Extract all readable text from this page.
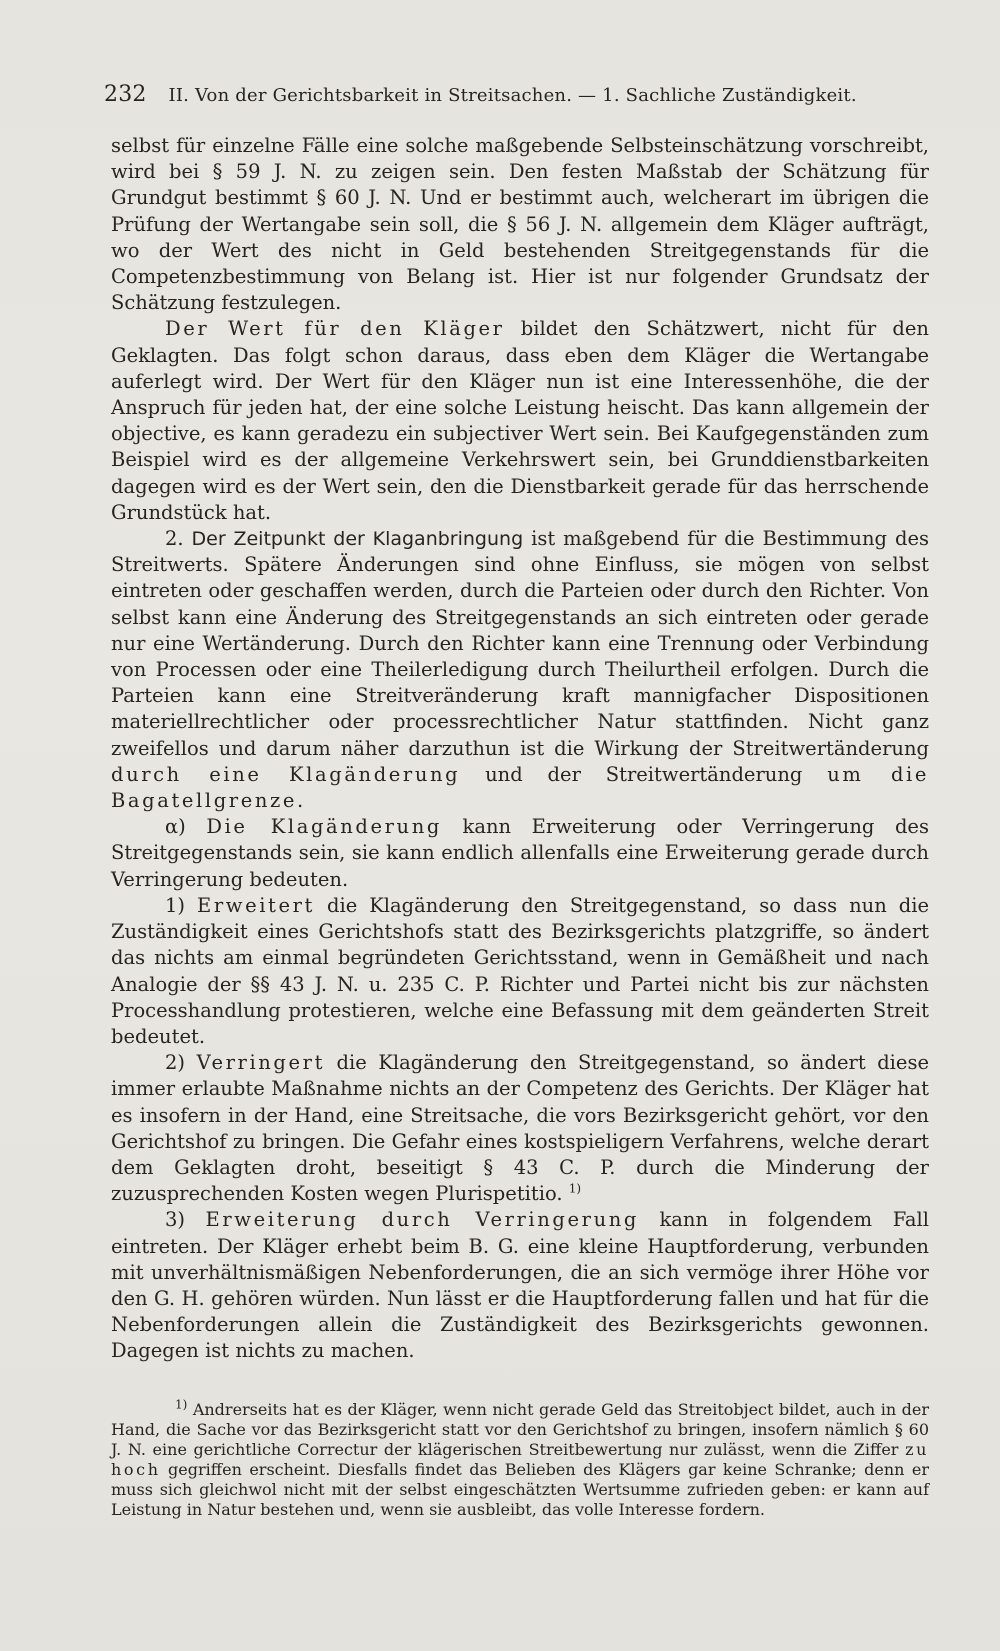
232 II. Von der Gerichtsbarkeit in Streitsachen. — 1. Sachliche Zuständigkeit.

selbst für einzelne Fälle eine solche maßgebende Selbsteinschätzung vorschreibt, wird bei § 59 J. N. zu zeigen sein. Den festen Maßstab der Schätzung für Grundgut bestimmt § 60 J. N. Und er bestimmt auch, welcherart im übrigen die Prüfung der Wertangabe sein soll, die § 56 J. N. allgemein dem Kläger aufträgt, wo der Wert des nicht in Geld bestehenden Streitgegenstands für die Competenzbestimmung von Belang ist. Hier ist nur folgender Grundsatz der Schätzung festzulegen.

Der Wert für den Kläger bildet den Schätzwert, nicht für den Geklagten. Das folgt schon daraus, dass eben dem Kläger die Wertangabe auferlegt wird. Der Wert für den Kläger nun ist eine Interessenhöhe, die der Anspruch für jeden hat, der eine solche Leistung heischt. Das kann allgemein der objective, es kann geradezu ein subjectiver Wert sein. Bei Kaufgegenständen zum Beispiel wird es der allgemeine Verkehrswert sein, bei Grunddienstbarkeiten dagegen wird es der Wert sein, den die Dienstbarkeit gerade für das herrschende Grundstück hat.

2. Der Zeitpunkt der Klaganbringung ist maßgebend für die Bestimmung des Streitwerts. Spätere Änderungen sind ohne Einfluss, sie mögen von selbst eintreten oder geschaffen werden, durch die Parteien oder durch den Richter. Von selbst kann eine Änderung des Streitgegenstands an sich eintreten oder gerade nur eine Wertänderung. Durch den Richter kann eine Trennung oder Verbindung von Processen oder eine Theilerledigung durch Theilurtheil erfolgen. Durch die Parteien kann eine Streitveränderung kraft mannigfacher Dispositionen materiellrechtlicher oder processrechtlicher Natur stattfinden. Nicht ganz zweifellos und darum näher darzuthun ist die Wirkung der Streitwertänderung durch eine Klagänderung und der Streitwertänderung um die Bagatellgrenze.

α) Die Klagänderung kann Erweiterung oder Verringerung des Streitgegenstands sein, sie kann endlich allenfalls eine Erweiterung gerade durch Verringerung bedeuten.

1) Erweitert die Klagänderung den Streitgegenstand, so dass nun die Zuständigkeit eines Gerichtshofs statt des Bezirksgerichts platzgriffe, so ändert das nichts am einmal begründeten Gerichtsstand, wenn in Gemäßheit und nach Analogie der §§ 43 J. N. u. 235 C. P. Richter und Partei nicht bis zur nächsten Processhandlung protestieren, welche eine Befassung mit dem geänderten Streit bedeutet.

2) Verringert die Klagänderung den Streitgegenstand, so ändert diese immer erlaubte Maßnahme nichts an der Competenz des Gerichts. Der Kläger hat es insofern in der Hand, eine Streitsache, die vors Bezirksgericht gehört, vor den Gerichtshof zu bringen. Die Gefahr eines kostspieligern Verfahrens, welche derart dem Geklagten droht, beseitigt § 43 C. P. durch die Minderung der zuzusprechenden Kosten wegen Plurispetitio. $^{1)}$

3) Erweiterung durch Verringerung kann in folgendem Fall eintreten. Der Kläger erhebt beim B. G. eine kleine Hauptforderung, verbunden mit unverhältnismäßigen Nebenforderungen, die an sich vermöge ihrer Höhe vor den G. H. gehören würden. Nun lässt er die Hauptforderung fallen und hat für die Nebenforderungen allein die Zuständigkeit des Bezirksgerichts gewonnen. Dagegen ist nichts zu machen.

$^{1)}$ Andrerseits hat es der Kläger, wenn nicht gerade Geld das Streitobject bildet, auch in der Hand, die Sache vor das Bezirksgericht statt vor den Gerichtshof zu bringen, insofern nämlich § 60 J. N. eine gerichtliche Correctur der klägerischen Streitbewertung nur zulässt, wenn die Ziffer zu hoch gegriffen erscheint. Diesfalls findet das Belieben des Klägers gar keine Schranke; denn er muss sich gleichwol nicht mit der selbst eingeschätzten Wertsumme zufrieden geben: er kann auf Leistung in Natur bestehen und, wenn sie ausbleibt, das volle Interesse fordern.
